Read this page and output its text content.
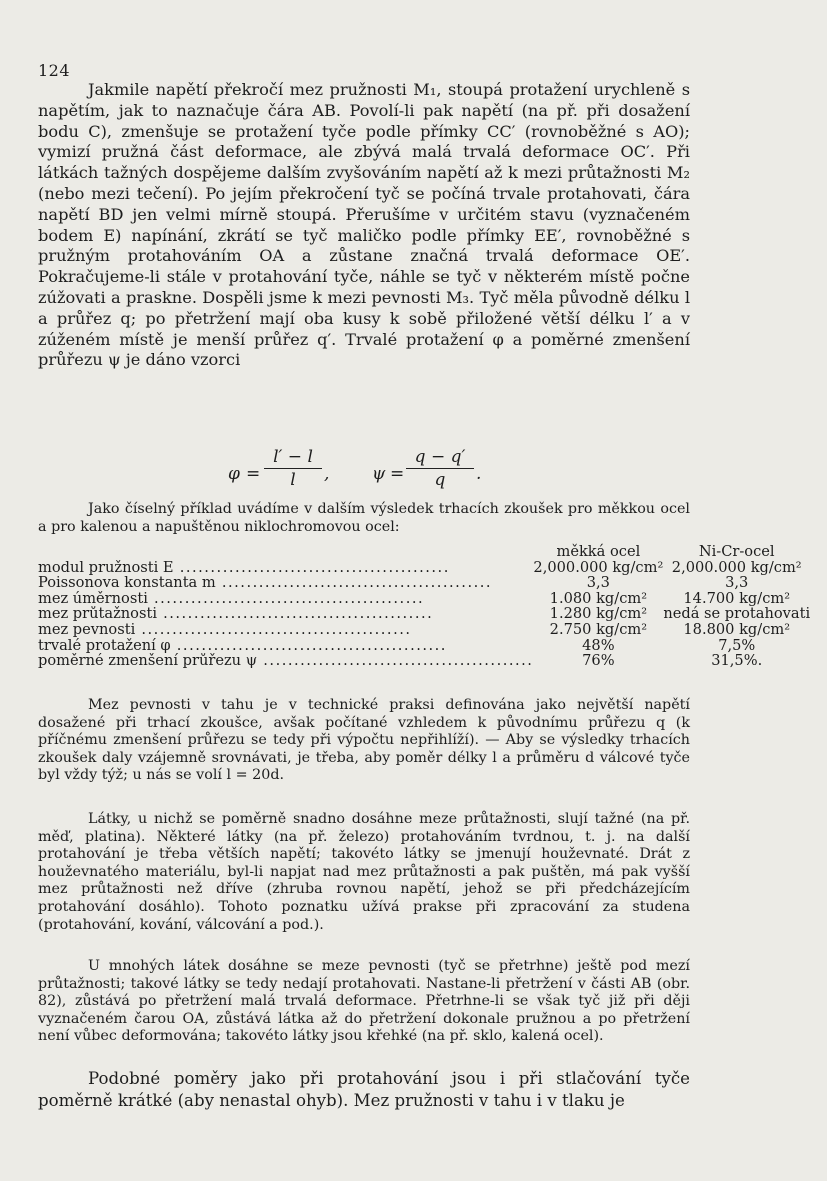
124

Jakmile napětí překročí mez pružnosti M₁, stoupá protažení urychleně s napětím, jak to naznačuje čára AB. Povolí-li pak napětí (na př. při dosažení bodu C), zmenšuje se protažení tyče podle přímky CC′ (rovnoběžné s AO); vymizí pružná část deformace, ale zbývá malá trvalá deformace OC′. Při látkách tažných dospějeme dalším zvyšováním napětí až k mezi průtažnosti M₂ (nebo mezi tečení). Po jejím překročení tyč se počíná trvale protahovati, čára napětí BD jen velmi mírně stoupá. Přerušíme v určitém stavu (vyznačeném bodem E) napínání, zkrátí se tyč maličko podle přímky EE′, rovnoběžné s pružným protahováním OA a zůstane značná trvalá deformace OE′. Pokračujeme-li stále v protahování tyče, náhle se tyč v některém místě počne zúžovati a praskne. Dospěli jsme k mezi pevnosti M₃. Tyč měla původně délku l a průřez q; po přetržení mají oba kusy k sobě přiložené větší délku l′ a v zúženém místě je menší průřez q′. Trvalé protažení φ a poměrné zmenšení průřezu ψ je dáno vzorci

φ =
l′ − l
l	,	ψ =
q − q′
q	.

Jako číselný příklad uvádíme v dalším výsledek trhacích zkoušek pro měkkou ocel a pro kalenou a napuštěnou niklochromovou ocel:

	měkká ocel	Ni-Cr-ocel

modul pružnosti E .....	2,000.000 kg/cm²	2,000.000 kg/cm²

Poissonova konstanta m .....	3,3	3,3

mez úměrnosti .....	1.080 kg/cm²	14.700 kg/cm²

mez průtažnosti .....	1.280 kg/cm²	nedá se protahovati

mez pevnosti .....	2.750 kg/cm²	18.800 kg/cm²

trvalé protažení φ .....	48%	7,5%

poměrné zmenšení průřezu ψ .....	76%	31,5%.

Mez pevnosti v tahu je v technické praksi definována jako největší napětí dosažené při trhací zkoušce, avšak počítané vzhledem k původnímu průřezu q (k příčnému zmenšení průřezu se tedy při výpočtu nepřihlíží). — Aby se výsledky trhacích zkoušek daly vzájemně srovnávati, je třeba, aby poměr délky l a průměru d válcové tyče byl vždy týž; u nás se volí l = 20d.

Látky, u nichž se poměrně snadno dosáhne meze průtažnosti, slují tažné (na př. měď, platina). Některé látky (na př. železo) protahováním tvrdnou, t. j. na další protahování je třeba větších napětí; takovéto látky se jmenují houževnaté. Drát z houževnatého materiálu, byl-li napjat nad mez průtažnosti a pak puštěn, má pak vyšší mez průtažnosti než dříve (zhruba rovnou napětí, jehož se při předcházejícím protahování dosáhlo). Tohoto poznatku užívá prakse při zpracování za studena (protahování, kování, válcování a pod.).

U mnohých látek dosáhne se meze pevnosti (tyč se přetrhne) ještě pod mezí průtažnosti; takové látky se tedy nedají protahovati. Nastane-li přetržení v části AB (obr. 82), zůstává po přetržení malá trvalá deformace. Přetrhne-li se však tyč již při ději vyznačeném čarou OA, zůstává látka až do přetržení dokonale pružnou a po přetržení není vůbec deformována; takovéto látky jsou křehké (na př. sklo, kalená ocel).

Podobné poměry jako při protahování jsou i při stlačování tyče poměrně krátké (aby nenastal ohyb). Mez pružnosti v tahu i v tlaku je
